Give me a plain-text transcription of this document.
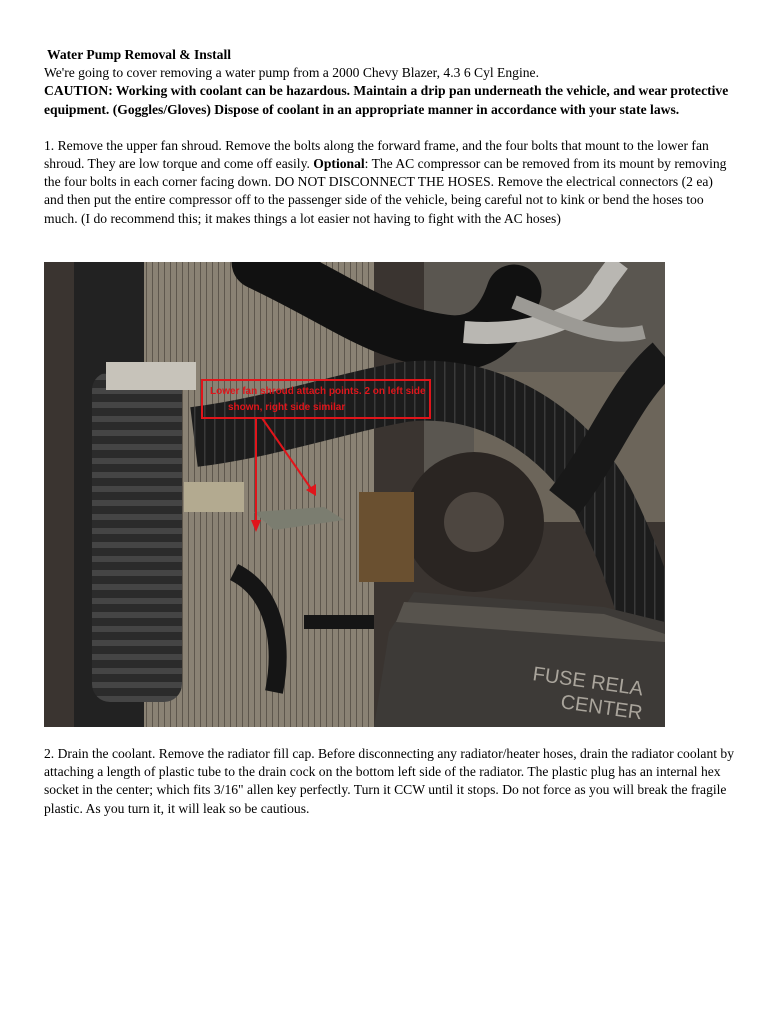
Water Pump Removal & Install

We're going to cover removing a water pump from a 2000 Chevy Blazer, 4.3 6 Cyl Engine.

CAUTION: Working with coolant can be hazardous. Maintain a drip pan underneath the vehicle, and wear protective equipment. (Goggles/Gloves) Dispose of coolant in an appropriate manner in accordance with your state laws.

1. Remove the upper fan shroud. Remove the bolts along the forward frame, and the four bolts that mount to the lower fan shroud. They are low torque and come off easily. Optional: The AC compressor can be removed from its mount by removing the four bolts in each corner facing down. DO NOT DISCONNECT THE HOSES. Remove the electrical connectors (2 ea) and then put the entire compressor off to the passenger side of the vehicle, being careful not to kink or bend the hoses too much. (I do recommend this; it makes things a lot easier not having to fight with the AC hoses)

FUSE RELA
CENTER
Lower fan shroud attach points. 2 on left side
shown, right side similar
2. Drain the coolant. Remove the radiator fill cap. Before disconnecting any radiator/heater hoses, drain the radiator coolant by attaching a length of plastic tube to the drain cock on the bottom left side of the radiator. The plastic plug has an internal hex socket in the center; which fits 3/16" allen key perfectly. Turn it CCW until it stops. Do not force as you will break the fragile plastic. As you turn it, it will leak so be cautious.
